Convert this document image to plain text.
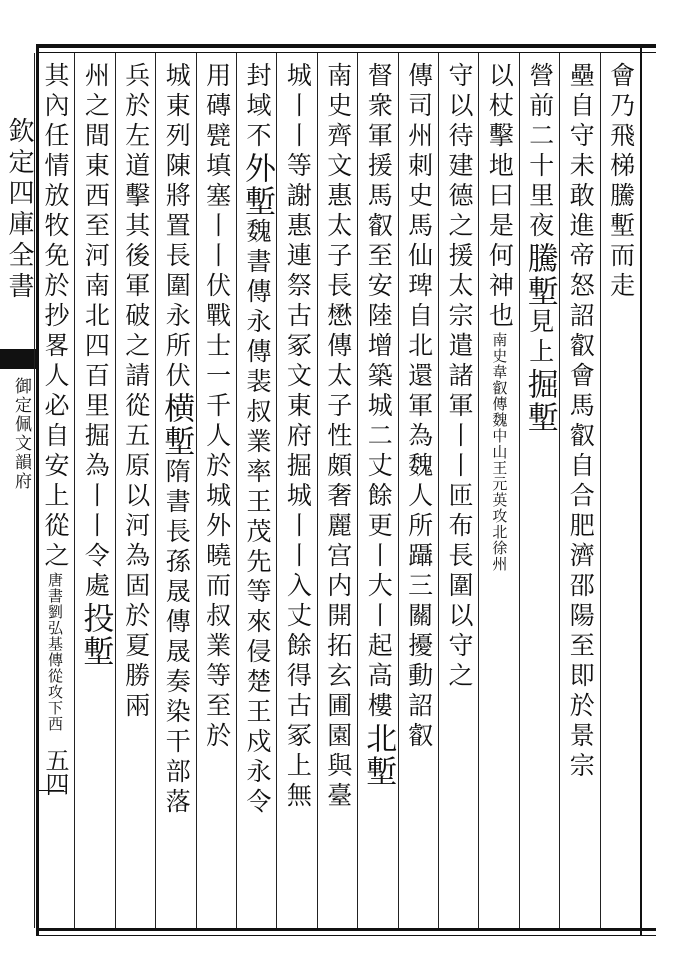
欽定四庫全書
御定佩文韻府
五四
會乃飛梯騰塹而走
壘自守未敢進帝怒詔叡會馬叡自合肥濟邵陽至即於景宗
營前二十里夜騰塹見上掘塹
以杖擊地曰是何神也南史韋叡傳魏中山王元英攻北徐州
守以待建德之援太宗遣諸軍丨丨匝布長圍以守之
傳司州刺史馬仙琕自北還軍為魏人所躡三關擾動詔叡
督衆軍援馬叡至安陸增築城二丈餘更丨大丨起高樓北塹
南史齊文惠太子長懋傳太子性頗奢麗宫内開拓玄圃園與臺
城丨丨等謝惠連祭古冢文東府掘城丨丨入丈餘得古冢上無
封域不外塹魏書傳永傳裴叔業率王茂先等來侵楚王戍永令
用磚甓填塞丨丨伏戰士一千人於城外曉而叔業等至於
城東列陳將置長圍永所伏横塹隋書長孫晟傳晟奏染干部落
兵於左道擊其後軍破之請從五原以河為固於夏勝兩
州之間東西至河南北四百里掘為丨丨令處投塹
其內任情放牧免於抄畧人必自安上從之唐書劉弘基傳從攻下西
